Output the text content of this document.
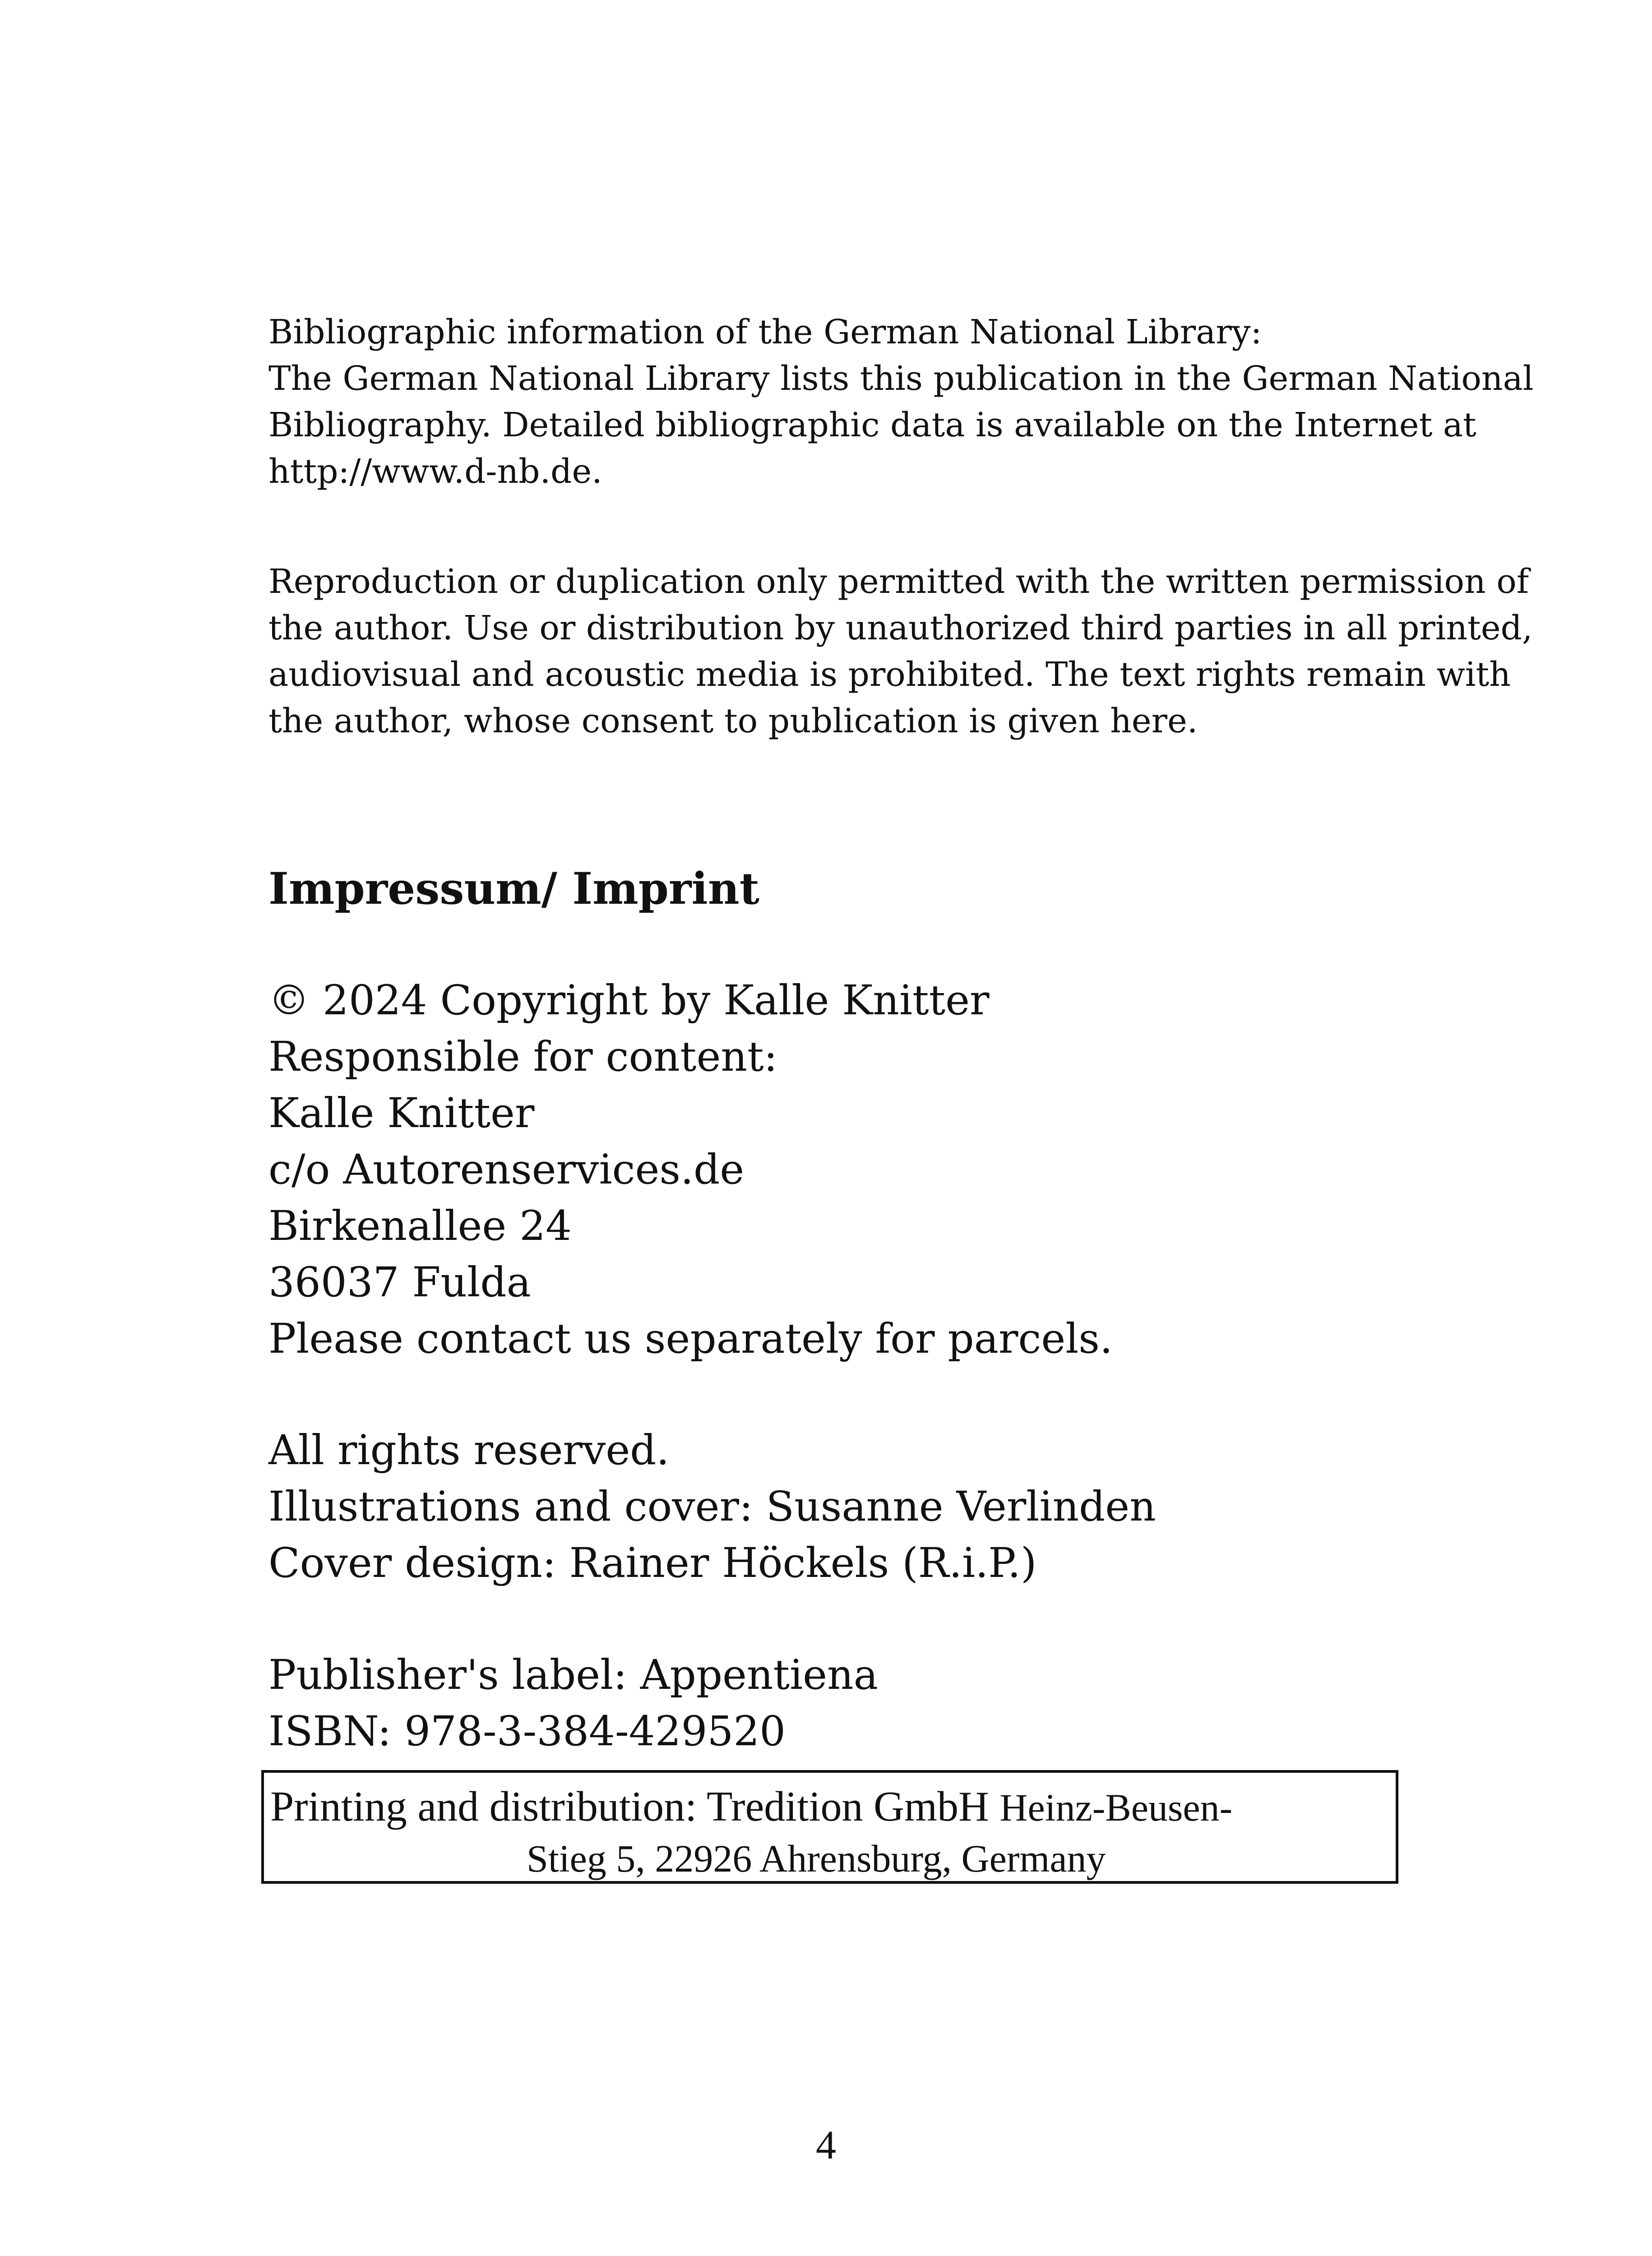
Bibliographic information of the German National Library:
The German National Library lists this publication in the German National
Bibliography. Detailed bibliographic data is available on the Internet at
http://www.d-nb.de.
Reproduction or duplication only permitted with the written permission of
the author. Use or distribution by unauthorized third parties in all printed,
audiovisual and acoustic media is prohibited. The text rights remain with
the author, whose consent to publication is given here.
Impressum/ Imprint
© 2024 Copyright by Kalle Knitter
Responsible for content:
Kalle Knitter
c/o Autorenservices.de
Birkenallee 24
36037 Fulda
Please contact us separately for parcels.
All rights reserved.
Illustrations and cover: Susanne Verlinden
Cover design: Rainer Höckels (R.i.P.)
Publisher's label: Appentiena
ISBN: 978-3-384-429520
Printing and distribution: Tredition GmbH Heinz-Beusen-
Stieg 5, 22926 Ahrensburg, Germany
4
